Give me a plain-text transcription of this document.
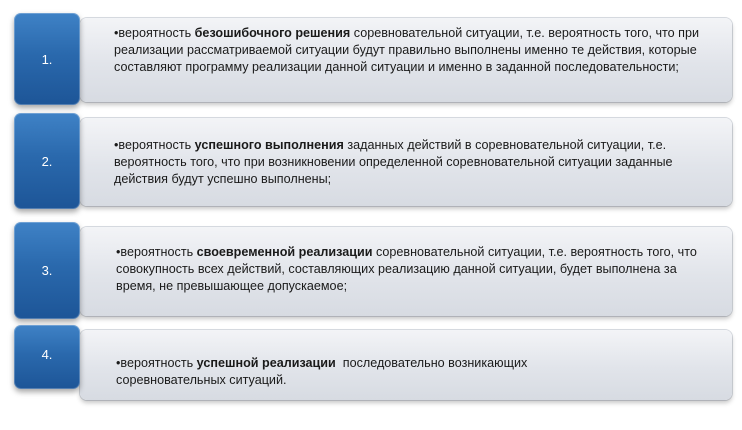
1.
•вероятность безошибочного решения соревновательной ситуации, т.е. вероятность того, что при реализации рассматриваемой ситуации будут правильно выполнены именно те действия, которые составляют программу реализации данной ситуации и именно в заданной последовательности;
2.
•вероятность успешного выполнения заданных действий в соревновательной ситуации, т.е. вероятность того, что при возникновении определенной соревновательной ситуации заданные действия будут успешно выполнены;
3.
•вероятность своевременной реализации соревновательной ситуации, т.е. вероятность того, что совокупность всех действий, составляющих реализацию данной ситуации, будет выполнена за время, не превышающее допускаемое;
4.
•вероятность успешной реализации  последовательно возникающих соревновательных ситуаций.
